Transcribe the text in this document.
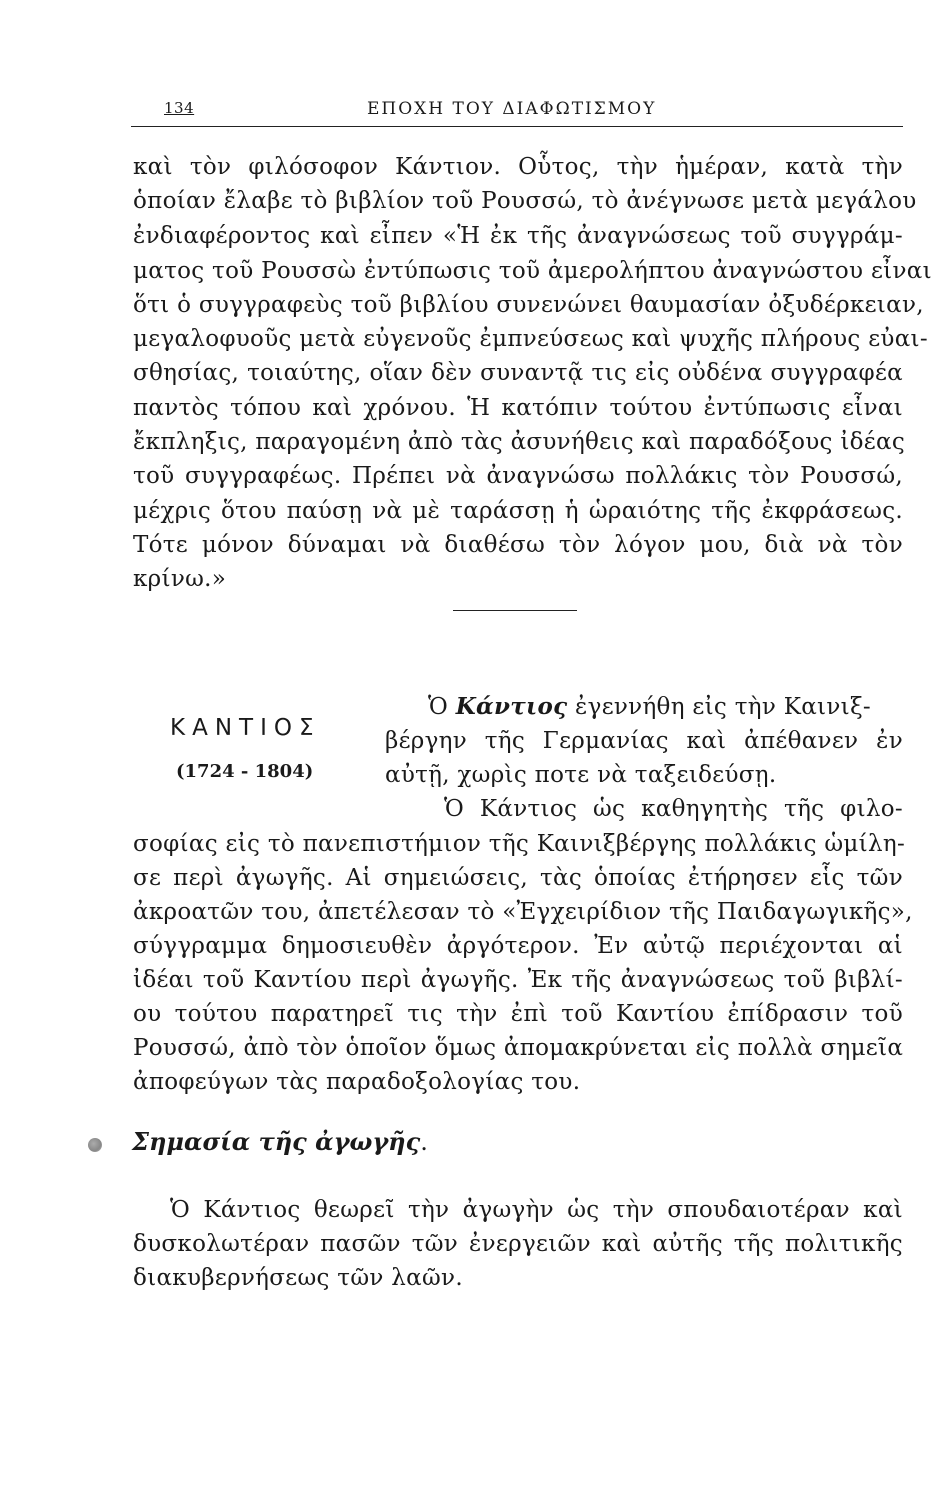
134	ΕΠΟΧΗ ΤΟΥ ΔΙΑΦΩΤΙΣΜΟΥ
καὶ τὸν φιλόσοφον Κάντιον. Οὗτος, τὴν ἡμέραν, κατὰ τὴν
ὁποίαν ἔλαβε τὸ βιβλίον τοῦ Ρουσσώ, τὸ ἀνέγνωσε μετὰ μεγάλου
ἐνδιαφέροντος καὶ εἶπεν «Ἡ ἐκ τῆς ἀναγνώσεως τοῦ συγγράμ-
ματος τοῦ Ρουσσὼ ἐντύπωσις τοῦ ἀμερολήπτου ἀναγνώστου εἶναι
ὅτι ὁ συγγραφεὺς τοῦ βιβλίου συνενώνει θαυμασίαν ὀξυδέρκειαν,
μεγαλοφυοῦς μετὰ εὐγενοῦς ἐμπνεύσεως καὶ ψυχῆς πλήρους εὐαι-
σθησίας, τοιαύτης, οἵαν δὲν συναντᾷ τις εἰς οὐδένα συγγραφέα
παντὸς τόπου καὶ χρόνου. Ἡ κατόπιν τούτου ἐντύπωσις εἶναι
ἔκπληξις, παραγομένη ἀπὸ τὰς ἀσυνήθεις καὶ παραδόξους ἰδέας
τοῦ συγγραφέως. Πρέπει νὰ ἀναγνώσω πολλάκις τὸν Ρουσσώ,
μέχρις ὅτου παύσῃ νὰ μὲ ταράσσῃ ἡ ὡραιότης τῆς ἐκφράσεως.
Τότε μόνον δύναμαι νὰ διαθέσω τὸν λόγον μου, διὰ νὰ τὸν
κρίνω.»
ΚΑΝΤΙΟΣ
(1724 - 1804)
Ὁ Κάντιος ἐγεννήθη εἰς τὴν Καινιξ-
βέργην τῆς Γερμανίας καὶ ἀπέθανεν ἐν
αὐτῇ, χωρὶς ποτε νὰ ταξειδεύσῃ.
Ὁ Κάντιος ὡς καθηγητὴς τῆς φιλο-
σοφίας εἰς τὸ πανεπιστήμιον τῆς Καινιξβέργης πολλάκις ὡμίλη-
σε περὶ ἀγωγῆς. Αἱ σημειώσεις, τὰς ὁποίας ἐτήρησεν εἷς τῶν
ἀκροατῶν του, ἀπετέλεσαν τὸ «Ἐγχειρίδιον τῆς Παιδαγωγικῆς»,
σύγγραμμα δημοσιευθὲν ἀργότερον. Ἐν αὐτῷ περιέχονται αἱ
ἰδέαι τοῦ Καντίου περὶ ἀγωγῆς. Ἐκ τῆς ἀναγνώσεως τοῦ βιβλί-
ου τούτου παρατηρεῖ τις τὴν ἐπὶ τοῦ Καντίου ἐπίδρασιν τοῦ
Ρουσσώ, ἀπὸ τὸν ὁποῖον ὅμως ἀπομακρύνεται εἰς πολλὰ σημεῖα
ἀποφεύγων τὰς παραδοξολογίας του.
Σημασία τῆς ἀγωγῆς.
Ὁ Κάντιος θεωρεῖ τὴν ἀγωγὴν ὡς τὴν σπουδαιοτέραν καὶ
δυσκολωτέραν πασῶν τῶν ἐνεργειῶν καὶ αὐτῆς τῆς πολιτικῆς
διακυβερνήσεως τῶν λαῶν.
